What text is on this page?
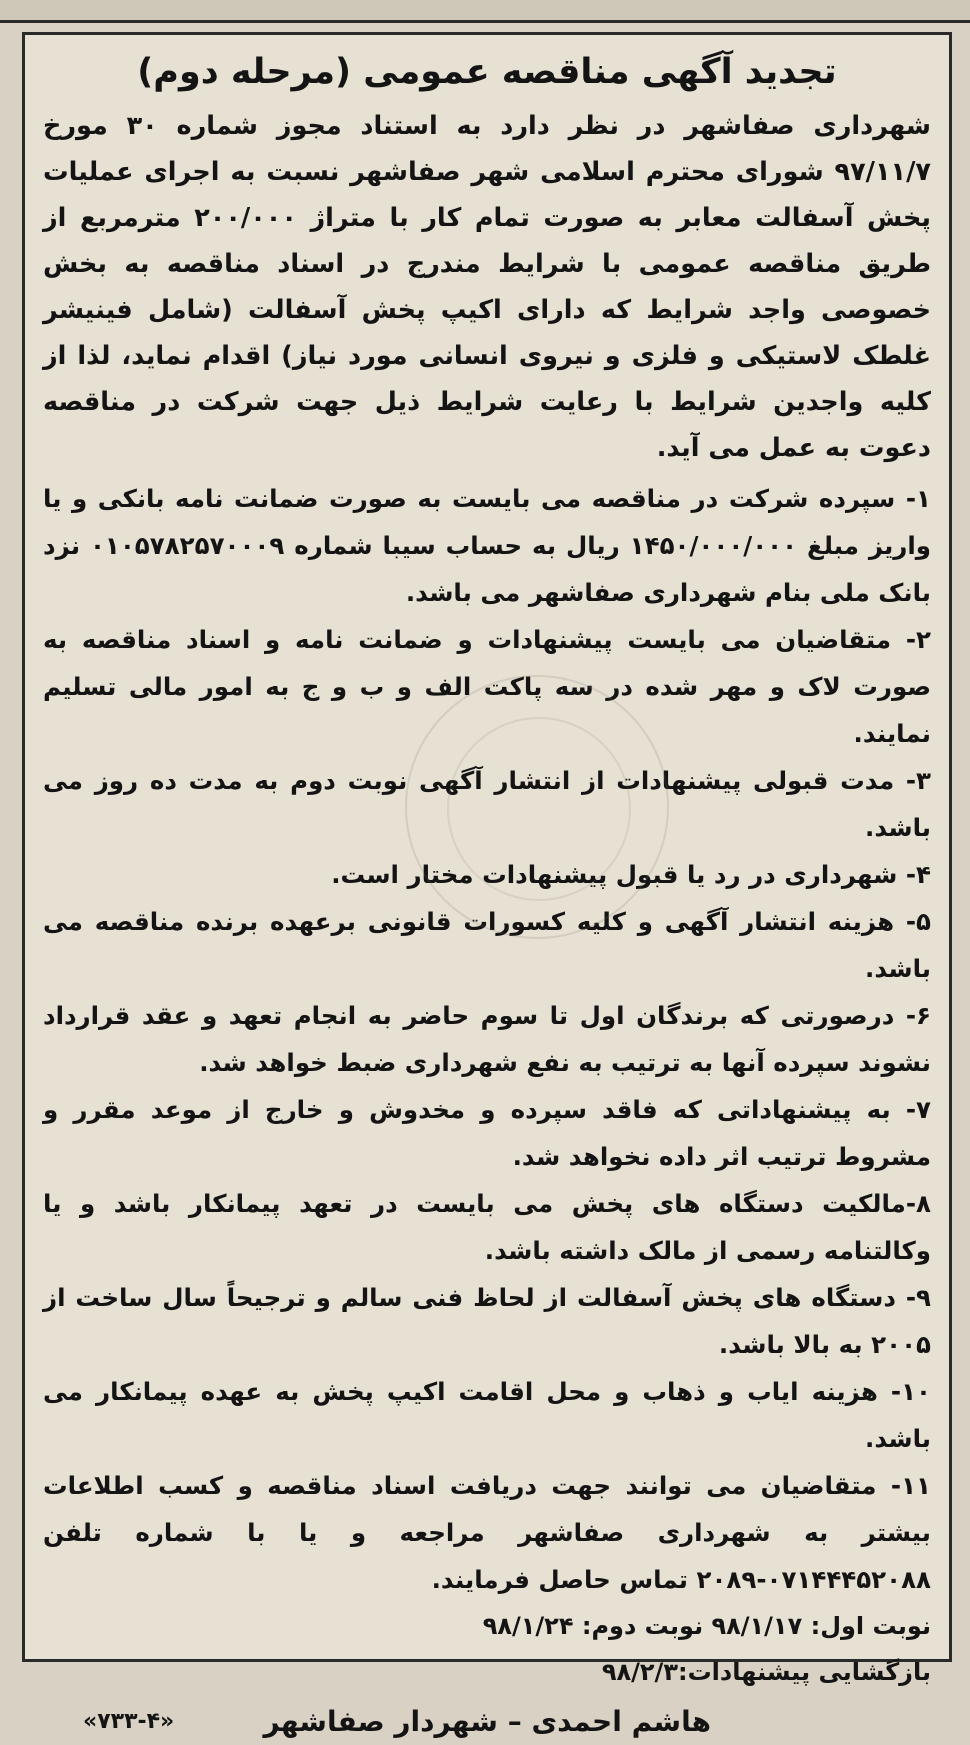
تجدید آگهی مناقصه عمومی (مرحله دوم)

شهرداری صفاشهر در نظر دارد به استناد مجوز شماره ۳۰ مورخ ۹۷/۱۱/۷ شورای محترم اسلامی شهر صفاشهر نسبت به اجرای عملیات پخش آسفالت معابر به صورت تمام کار با متراژ ۲۰۰/۰۰۰ مترمربع از طریق مناقصه عمومی با شرایط مندرج در اسناد مناقصه به بخش خصوصی واجد شرایط که دارای اکیپ پخش آسفالت (شامل فینیشر غلطک لاستیکی و فلزی و نیروی انسانی مورد نیاز) اقدام نماید، لذا از کلیه واجدین شرایط با رعایت شرایط ذیل جهت شرکت در مناقصه دعوت به عمل می آید.

۱- سپرده شرکت در مناقصه می بایست به صورت ضمانت نامه بانکی و یا واریز مبلغ ۱۴۵۰/۰۰۰/۰۰۰ ریال به حساب سیبا شماره ۰۱۰۵۷۸۲۵۷۰۰۰۹ نزد بانک ملی بنام شهرداری صفاشهر می باشد.
۲- متقاضیان می بایست پیشنهادات و ضمانت نامه و اسناد مناقصه به صورت لاک و مهر شده در سه پاکت الف و ب و ج به امور مالی تسلیم نمایند.
۳- مدت قبولی پیشنهادات از انتشار آگهی نوبت دوم به مدت ده روز می باشد.
۴- شهرداری در رد یا قبول پیشنهادات مختار است.
۵- هزینه انتشار آگهی و کلیه کسورات قانونی برعهده برنده مناقصه می باشد.
۶- درصورتی که برندگان اول تا سوم حاضر به انجام تعهد و عقد قرارداد نشوند سپرده آنها به ترتیب به نفع شهرداری ضبط خواهد شد.
۷- به پیشنهاداتی که فاقد سپرده و مخدوش و خارج از موعد مقرر و مشروط ترتیب اثر داده نخواهد شد.
۸-مالکیت دستگاه های پخش می بایست در تعهد پیمانکار باشد و یا وکالتنامه رسمی از مالک داشته باشد.
۹- دستگاه های پخش آسفالت از لحاظ فنی سالم و ترجیحاً سال ساخت از ۲۰۰۵ به بالا باشد.
۱۰- هزینه ایاب و ذهاب و محل اقامت اکیپ پخش به عهده پیمانکار می باشد.
۱۱- متقاضیان می توانند جهت دریافت اسناد مناقصه و کسب اطلاعات بیشتر به شهرداری صفاشهر مراجعه و یا با شماره تلفن ۰۷۱۴۴۴۵۲۰۸۸-۲۰۸۹ تماس حاصل فرمایند.
نوبت اول: ۹۸/۱/۱۷ نوبت دوم: ۹۸/۱/۲۴
بازگشایی پیشنهادات:۹۸/۲/۳
هاشم احمدی – شهردار صفاشهر
«۷۳۳-۴»
